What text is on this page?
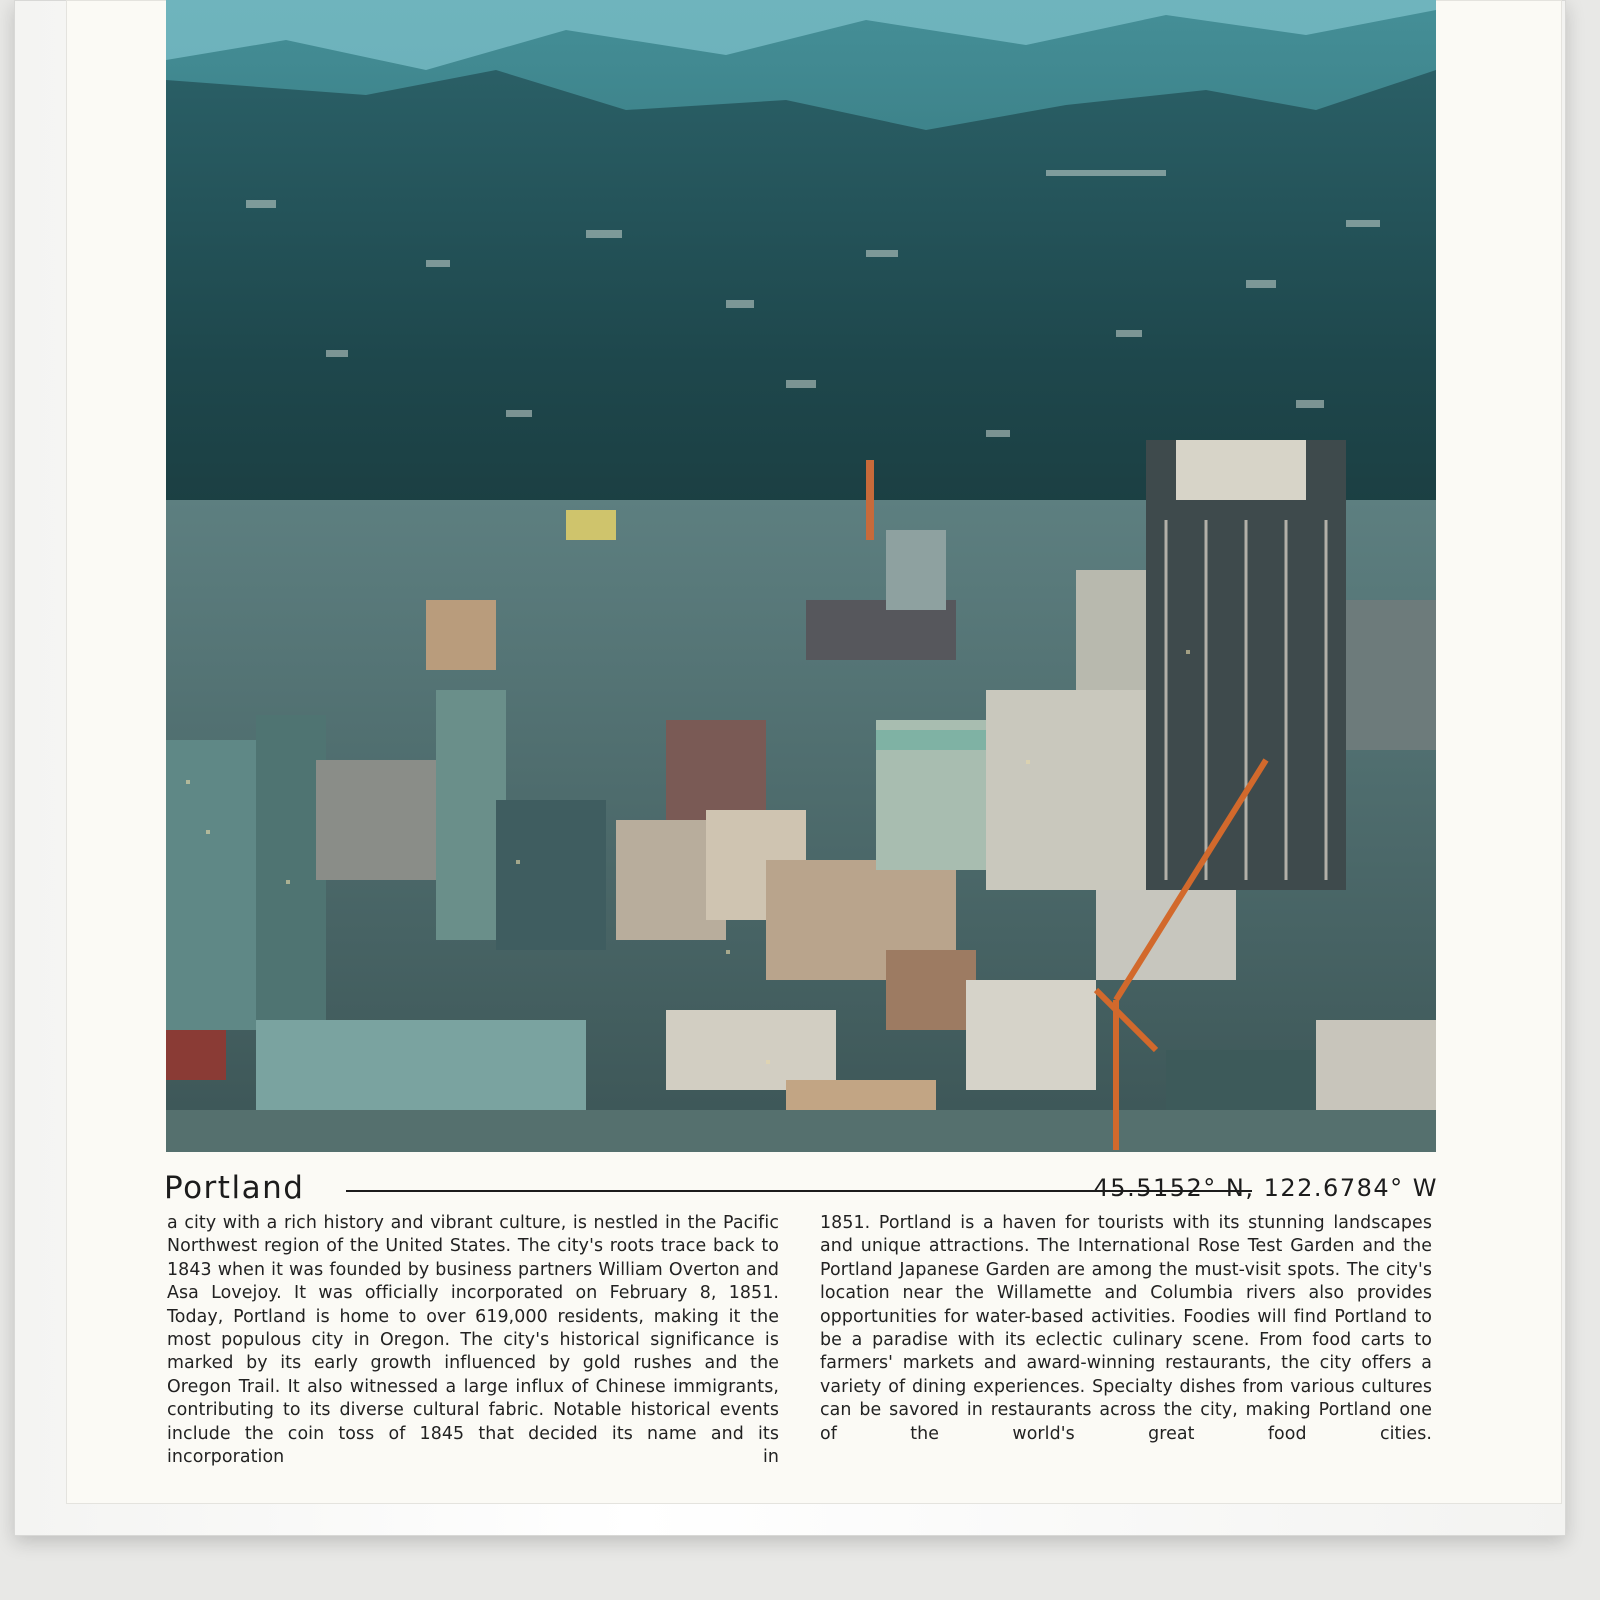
Portland	45.5152° N, 122.6784° W
a city with a rich history and vibrant culture, is nestled in the Pacific Northwest region of the United States. The city's roots trace back to 1843 when it was founded by business partners William Overton and Asa Lovejoy. It was officially incorporated on February 8, 1851. Today, Portland is home to over 619,000 residents, making it the most populous city in Oregon. The city's historical significance is marked by its early growth influenced by gold rushes and the Oregon Trail. It also witnessed a large influx of Chinese immigrants, contributing to its diverse cultural fabric. Notable historical events include the coin toss of 1845 that decided its name and its incorporation in
1851. Portland is a haven for tourists with its stunning landscapes and unique attractions. The International Rose Test Garden and the Portland Japanese Garden are among the must-visit spots. The city's location near the Willamette and Columbia rivers also provides opportunities for water-based activities. Foodies will find Portland to be a paradise with its eclectic culinary scene. From food carts to farmers' markets and award-winning restaurants, the city offers a variety of dining experiences. Specialty dishes from various cultures can be savored in restaurants across the city, making Portland one of the world's great food cities.
